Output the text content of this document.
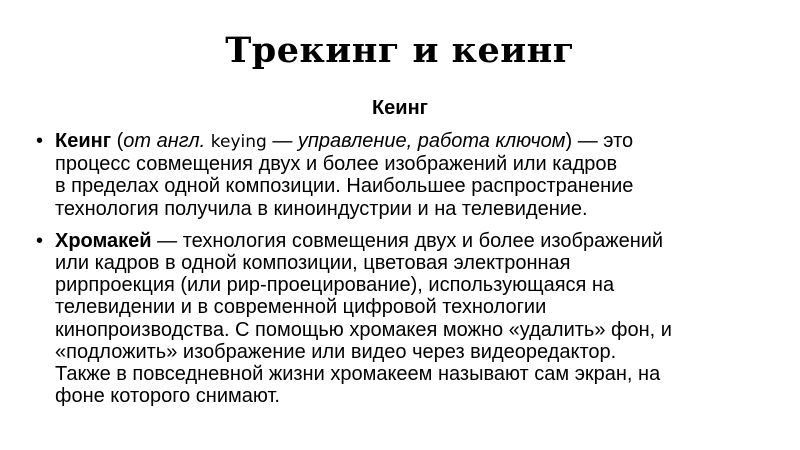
Трекинг и кеинг
Кеинг
• Кеинг (от англ. keying — управление, работа ключом) — это
процесс совмещения двух и более изображений или кадров
в пределах одной композиции. Наибольшее распространение
технология получила в киноиндустрии и на телевидение.
• Хромакей — технология совмещения двух и более изображений
или кадров в одной композиции, цветовая электронная
рирпроекция (или рир-проецирование), использующаяся на
телевидении и в современной цифровой технологии
кинопроизводства. С помощью хромакея можно «удалить» фон, и
«подложить» изображение или видео через видеоредактор.
Также в повседневной жизни хромакеем называют сам экран, на
фоне которого снимают.
